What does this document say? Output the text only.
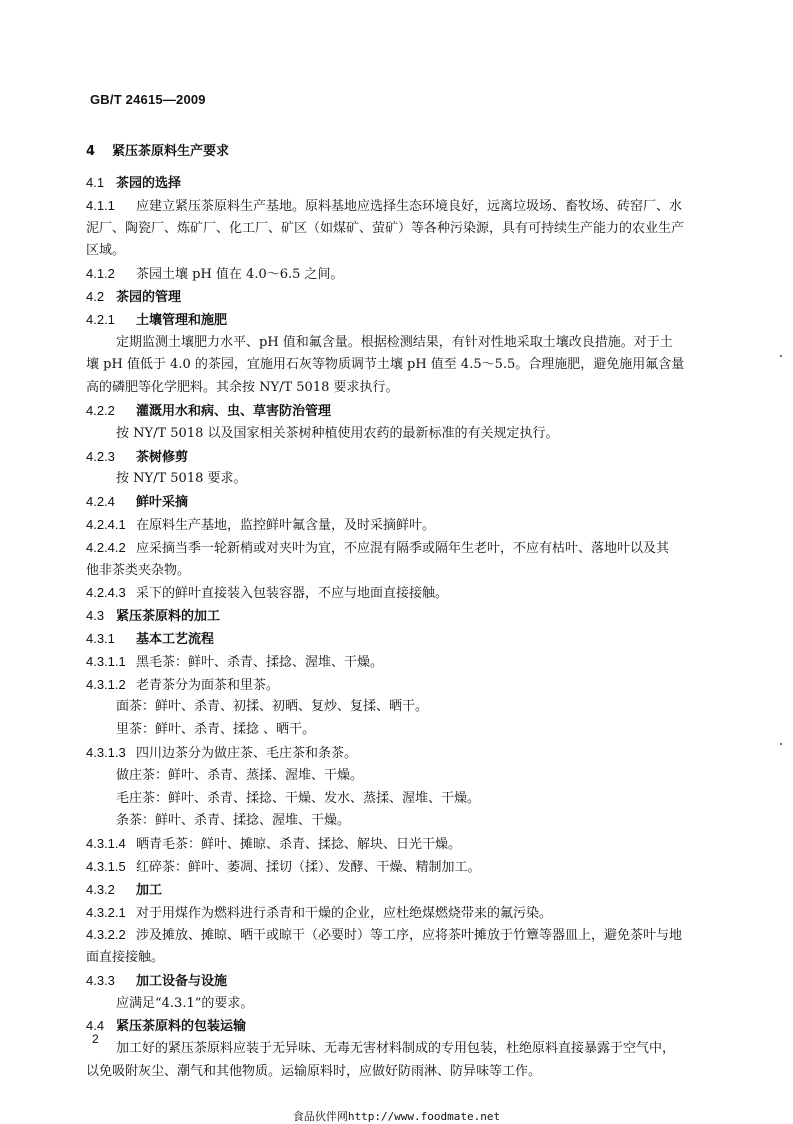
GB/T 24615—2009
4 紧压茶原料生产要求
4.1 茶园的选择
4.1.1 应建立紧压茶原料生产基地。原料基地应选择生态环境良好，远离垃圾场、畜牧场、砖窑厂、水
泥厂、陶瓷厂、炼矿厂、化工厂、矿区（如煤矿、萤矿）等各种污染源，具有可持续生产能力的农业生产
区域。
4.1.2 茶园土壤 pH 值在 4.0～6.5 之间。
4.2 茶园的管理
4.2.1 土壤管理和施肥
定期监测土壤肥力水平、pH 值和氟含量。根据检测结果，有针对性地采取土壤改良措施。对于土
壤 pH 值低于 4.0 的茶园，宜施用石灰等物质调节土壤 pH 值至 4.5～5.5。合理施肥，避免施用氟含量
高的磷肥等化学肥料。其余按 NY/T 5018 要求执行。
4.2.2 灌溉用水和病、虫、草害防治管理
按 NY/T 5018 以及国家相关茶树种植使用农药的最新标准的有关规定执行。
4.2.3 茶树修剪
按 NY/T 5018 要求。
4.2.4 鲜叶采摘
4.2.4.1 在原料生产基地，监控鲜叶氟含量，及时采摘鲜叶。
4.2.4.2 应采摘当季一轮新梢或对夹叶为宜，不应混有隔季或隔年生老叶，不应有枯叶、落地叶以及其
他非茶类夹杂物。
4.2.4.3 采下的鲜叶直接装入包装容器，不应与地面直接接触。
4.3 紧压茶原料的加工
4.3.1 基本工艺流程
4.3.1.1 黑毛茶：鲜叶、杀青、揉捻、渥堆、干燥。
4.3.1.2 老青茶分为面茶和里茶。
面茶：鲜叶、杀青、初揉、初晒、复炒、复揉、晒干。
里茶：鲜叶、杀青、揉捻 、晒干。
4.3.1.3 四川边茶分为做庄茶、毛庄茶和条茶。
做庄茶：鲜叶、杀青、蒸揉、渥堆、干燥。
毛庄茶：鲜叶、杀青、揉捻、干燥、发水、蒸揉、渥堆、干燥。
条茶：鲜叶、杀青、揉捻、渥堆、干燥。
4.3.1.4 晒青毛茶：鲜叶、摊晾、杀青、揉捻、解块、日光干燥。
4.3.1.5 红碎茶：鲜叶、萎凋、揉切（揉）、发酵、干燥、精制加工。
4.3.2 加工
4.3.2.1 对于用煤作为燃料进行杀青和干燥的企业，应杜绝煤燃烧带来的氟污染。
4.3.2.2 涉及摊放、摊晾、晒干或晾干（必要时）等工序，应将茶叶摊放于竹簟等器皿上，避免茶叶与地
面直接接触。
4.3.3 加工设备与设施
应满足“4.3.1”的要求。
4.4 紧压茶原料的包装运输
加工好的紧压茶原料应装于无异味、无毒无害材料制成的专用包装，杜绝原料直接暴露于空气中，
以免吸附灰尘、潮气和其他物质。运输原料时，应做好防雨淋、防异味等工作。
2
食品伙伴网http://www.foodmate.net
